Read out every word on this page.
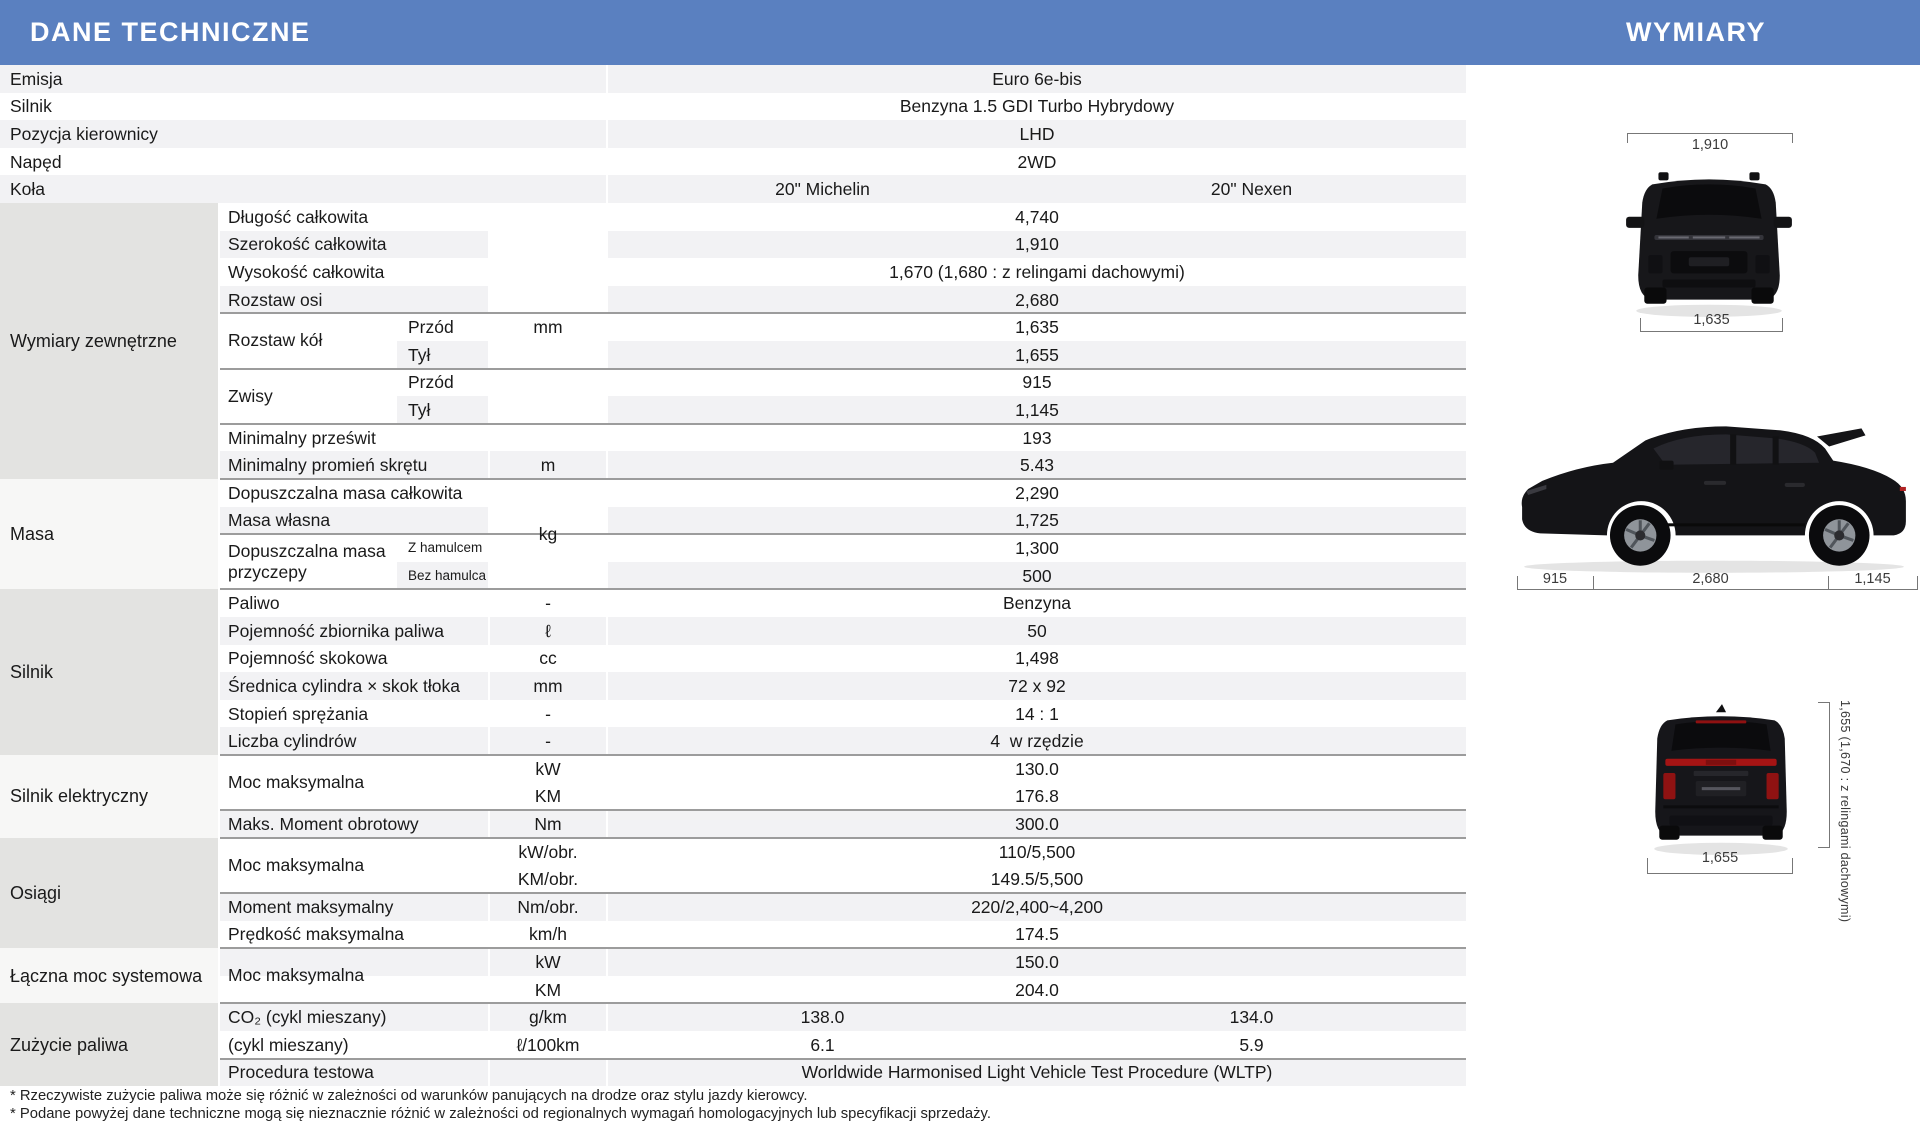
DANE TECHNICZNE	WYMIARY
Emisja	Euro 6e-bis
Silnik	Benzyna 1.5 GDI Turbo Hybrydowy
Pozycja kierownicy	LHD
Napęd	2WD
Koła	20" Michelin	20" Nexen
Wymiary zewnętrzne
mm
Długość całkowita	4,740
Szerokość całkowita	1,910
Wysokość całkowita	1,670 (1,680 : z relingami dachowymi)
Rozstaw osi	2,680
Rozstaw kół
Przód	1,635
Tył	1,655
Zwisy
Przód	915
Tył	1,145
Minimalny prześwit	193
Minimalny promień skrętu	m	5.43
Masa	kg
Dopuszczalna masa całkowita	2,290
Masa własna	1,725
Dopuszczalna masa przyczepy
Z hamulcem	1,300
Bez hamulca	500
Silnik
Paliwo	-	Benzyna
Pojemność zbiornika paliwa	ℓ	50
Pojemność skokowa	cc	1,498
Średnica cylindra × skok tłoka	mm	72 x 92
Stopień sprężania	-	14 : 1
Liczba cylindrów	-	4  w rzędzie
Silnik elektryczny
Moc maksymalna
kW	130.0
KM	176.8
Maks. Moment obrotowy	Nm	300.0
Osiągi
Moc maksymalna
kW/obr.	110/5,500
KM/obr.	149.5/5,500
Moment maksymalny	Nm/obr.	220/2,400~4,200
Prędkość maksymalna	km/h	174.5
Łączna moc systemowa	Moc maksymalna
kW	150.0
KM	204.0
Zużycie paliwa
CO₂ (cykl mieszany)	g/km	138.0	134.0
(cykl mieszany)	ℓ/100km	6.1	5.9
Procedura testowa	Worldwide Harmonised Light Vehicle Test Procedure (WLTP)
* Rzeczywiste zużycie paliwa może się różnić w zależności od warunków panujących na drodze oraz stylu jazdy kierowcy.
* Podane powyżej dane techniczne mogą się nieznacznie różnić w zależności od regionalnych wymagań homologacyjnych lub specyfikacji sprzedaży.
1,910
1,635
915	2,680	1,145
1,655 (1,670 : z relingami dachowymi)
1,655
